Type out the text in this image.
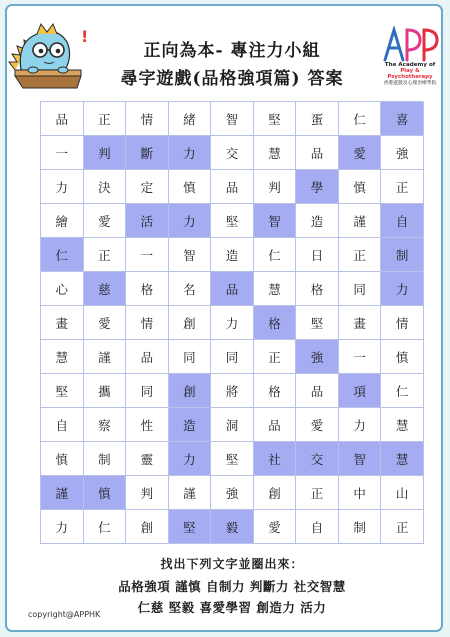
!
正向為本- 專注力小組
尋字遊戲(品格強項篇) 答案
The Academy of
Play & Psychotherapy
香港遊戲及心理治療學院
品	正	情	緒	智	堅	蛋	仁	喜
一	判	斷	力	交	慧	品	愛	強
力	決	定	慎	品	判	學	慎	正
繪	愛	活	力	堅	智	造	謹	自
仁	正	一	智	造	仁	日	正	制
心	慈	格	名	品	慧	格	同	力
畫	愛	情	創	力	格	堅	畫	情
慧	謹	品	同	同	正	強	一	慎
堅	攜	同	創	將	格	品	項	仁
自	察	性	造	洞	品	愛	力	慧
慎	制	靈	力	堅	社	交	智	慧
謹	慎	判	謹	強	創	正	中	山
力	仁	創	堅	毅	愛	自	制	正
找出下列文字並圈出來：
品格強項 謹慎 自制力 判斷力 社交智慧
仁慈 堅毅 喜愛學習 創造力 活力
copyright@APPHK
